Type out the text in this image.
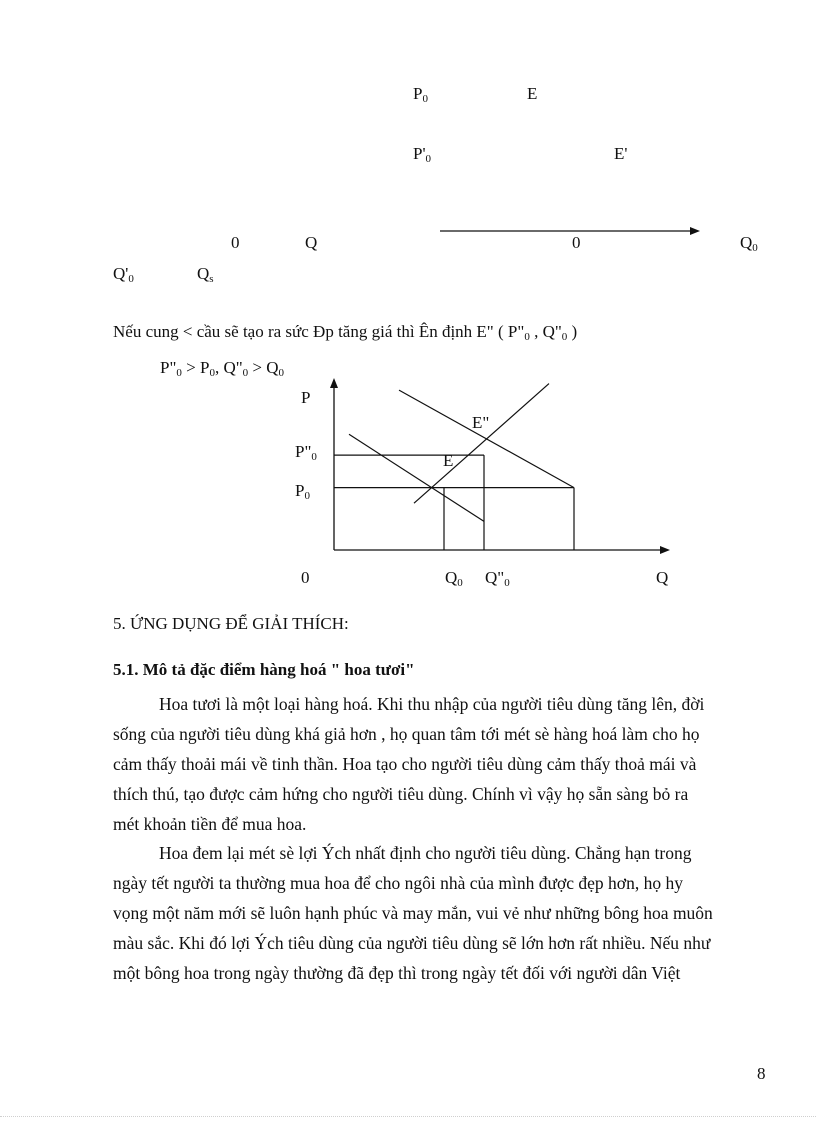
$P_0$	E
$P'_0$	E'
0	Q	0	$Q_0$
$Q'_0$	$Q_s$
Nếu cung < cầu sẽ tạo ra sức Đp tăng giá thì Ên định E" ( $P"_0$ , $Q"_0$ )
$P"_0 > P_0$, $Q"_0 > Q_0$
P
Q
0
E
E"
$P_0$
$P"_0$
$Q_0$ $Q"_0$
5. ỨNG DỤNG ĐỂ GIẢI THÍCH:
5.1. Mô tả đặc điểm hàng hoá " hoa tươi"

Hoa tươi là một loại hàng hoá. Khi thu nhập của người tiêu dùng tăng lên, đời

sống của người tiêu dùng khá giả hơn , họ quan tâm tới mét sè hàng hoá làm cho họ

cảm thấy thoải mái về tinh thần. Hoa tạo cho người tiêu dùng cảm thấy thoả mái và

thích thú, tạo được cảm hứng cho người tiêu dùng. Chính vì vậy họ sẵn sàng bỏ ra

mét khoản tiền để mua hoa.

Hoa đem lại mét sè lợi Ých nhất định cho người tiêu dùng. Chẳng hạn trong

ngày tết người ta thường mua hoa để cho ngôi nhà của mình được đẹp hơn, họ hy

vọng một năm mới sẽ luôn hạnh phúc và may mắn, vui vẻ như những bông hoa muôn

màu sắc. Khi đó lợi Ých tiêu dùng của người tiêu dùng sẽ lớn hơn rất nhiều. Nếu như

một bông hoa trong ngày thường đã đẹp thì trong ngày tết đối với người dân Việt

8
